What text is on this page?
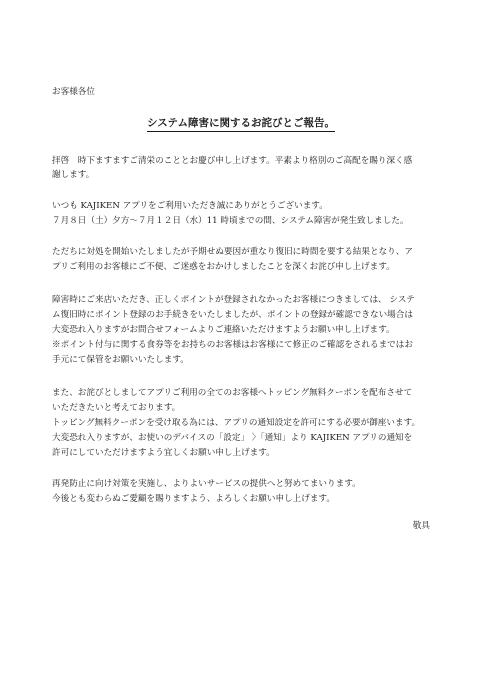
お客様各位
システム障害に関するお詫びとご報告。
拝啓　時下ますますご清栄のこととお慶び申し上げます。平素より格別のご高配を賜り深く感
謝します。
いつも KAJIKEN アプリをご利用いただき誠にありがとうございます。
７月８日（土）夕方～７月１２日（水）11 時頃までの間、システム障害が発生致しました。
ただちに対処を開始いたしましたが予期せぬ要因が重なり復旧に時間を要する結果となり、ア
プリご利用のお客様にご不便、ご迷惑をおかけしましたことを深くお詫び申し上げます。
障害時にご来店いただき、正しくポイントが登録されなかったお客様につきましては、 システ
ム復旧時にポイント登録のお手続きをいたしましたが、ポイントの登録が確認できない場合は
大変恐れ入りますがお問合せフォームよりご連絡いただけますようお願い申し上げます。
※ポイント付与に関する食券等をお持ちのお客様はお客様にて修正のご確認をされるまではお
手元にて保管をお願いいたします。
また、お詫びとしましてアプリご利用の全てのお客様へトッピング無料クーポンを配布させて
いただきたいと考えております。
トッピング無料クーポンを受け取る為には、アプリの通知設定を許可にする必要が御座います。
大変恐れ入りますが、お使いのデバイスの「設定」 〉「通知」より KAJIKEN アプリの通知を
許可にしていただけますよう宜しくお願い申し上げます。
再発防止に向け対策を実施し、よりよいサービスの提供へと努めてまいります。
今後とも変わらぬご愛顧を賜りますよう、よろしくお願い申し上げます。
敬具
